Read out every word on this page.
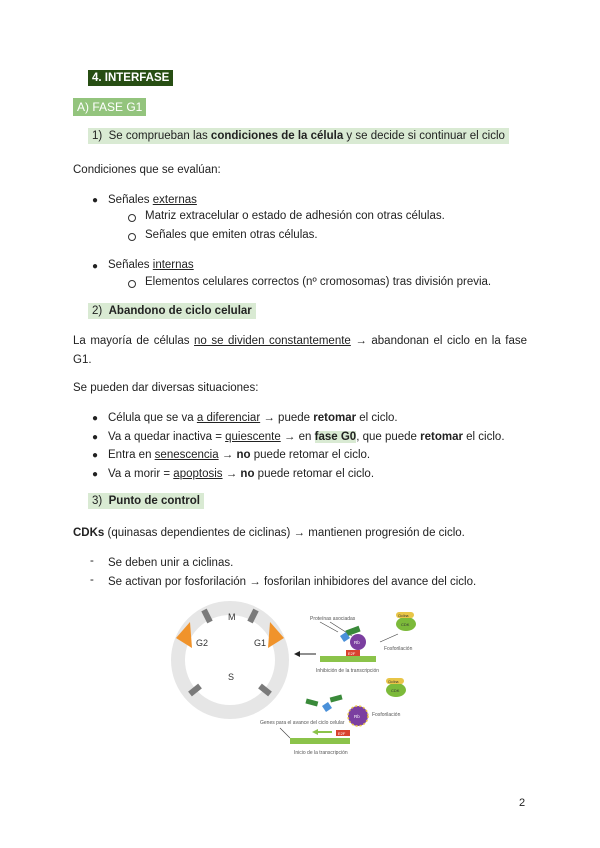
4. INTERFASE
A) FASE G1
1) Se comprueban las condiciones de la célula y se decide si continuar el ciclo
Condiciones que se evalúan:
● Señales externas
Matriz extracelular o estado de adhesión con otras células.
Señales que emiten otras células.
● Señales internas
Elementos celulares correctos (nº cromosomas) tras división previa.
2) Abandono de ciclo celular
La mayoría de células no se dividen constantemente → abandonan el ciclo en la fase G1.
Se pueden dar diversas situaciones:
● Célula que se va a diferenciar → puede retomar el ciclo.
● Va a quedar inactiva = quiescente → en fase G0, que puede retomar el ciclo.
● Entra en senescencia → no puede retomar el ciclo.
● Va a morir = apoptosis → no puede retomar el ciclo.
3) Punto de control
CDKs (quinasas dependientes de ciclinas) → mantienen progresión de ciclo.
- Se deben unir a ciclinas.
- Se activan por fosforilación → fosforilan inhibidores del avance del ciclo.
M
G2	G1
S
Proteínas asociadas
Rb
E2F
Inhibición de la transcripción
CDK
Ciclina
Fosforilación
Rb
CDK
Ciclina
Fosforilación
Genes para el avance del ciclo celular
E2F
Inicio de la transcripción
2
